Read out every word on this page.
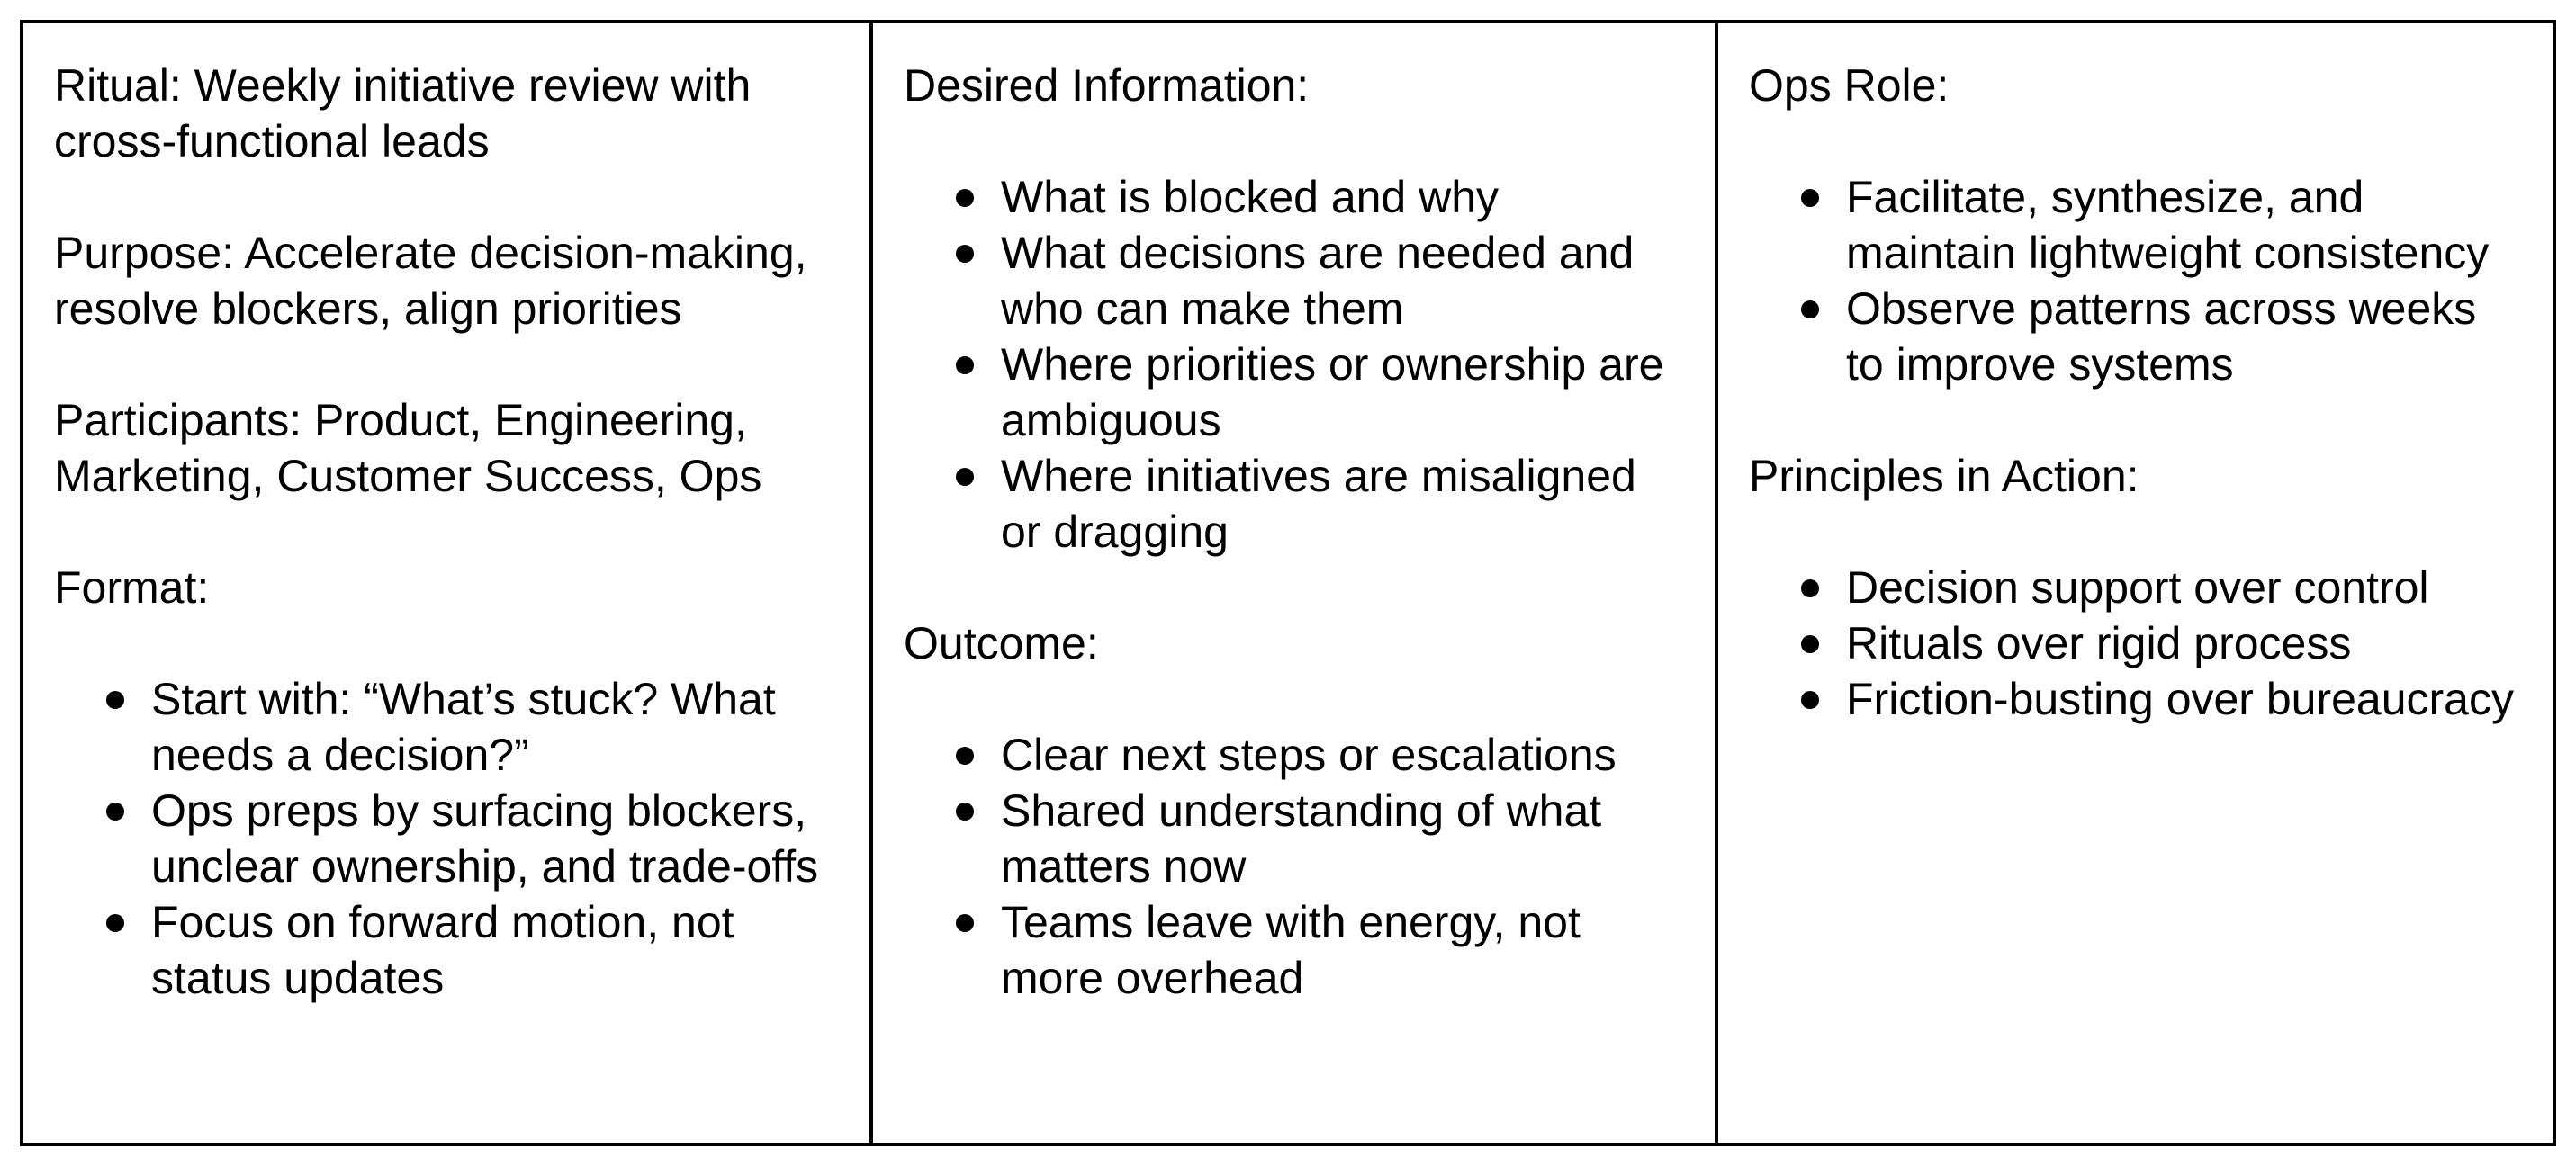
Ritual: Weekly initiative review with cross-functional leads

Purpose: Accelerate decision-making, resolve blockers, align priorities

Participants: Product, Engineering, Marketing, Customer Success, Ops

Format:

Start with: “What’s stuck? What needs a decision?”
Ops preps by surfacing blockers, unclear ownership, and trade-offs
Focus on forward motion, not status updates

Desired Information:

What is blocked and why
What decisions are needed and who can make them
Where priorities or ownership are ambiguous
Where initiatives are misaligned or dragging

Outcome:

Clear next steps or escalations
Shared understanding of what matters now
Teams leave with energy, not more overhead

Ops Role:

Facilitate, synthesize, and maintain lightweight consistency
Observe patterns across weeks to improve systems

Principles in Action:

Decision support over control
Rituals over rigid process
Friction-busting over bureaucracy
